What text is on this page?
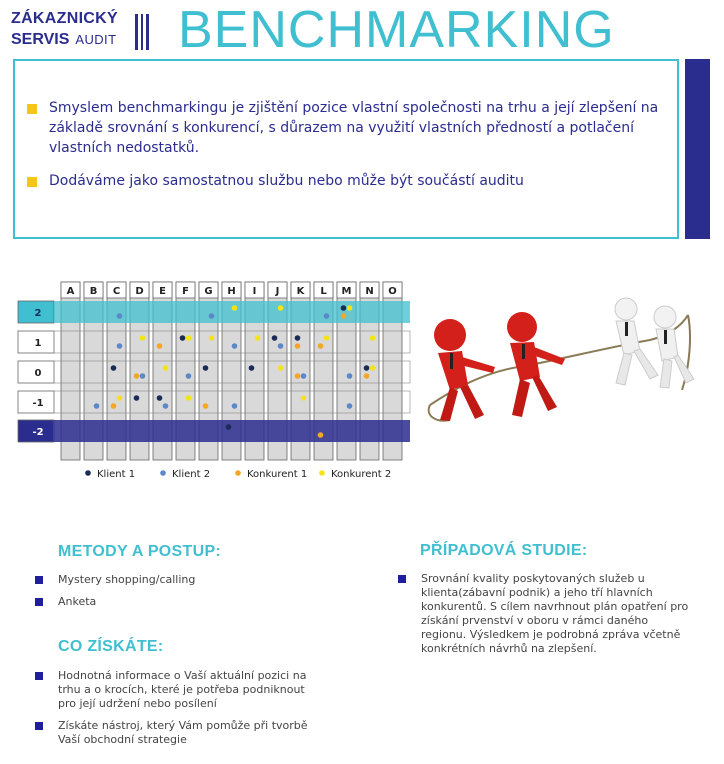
ZÁKAZNICKÝ
SERVIS AUDIT BENCHMARKING
Smyslem benchmarkingu je zjištění pozice vlastní společnosti na trhu a její zlepšení na základě srovnání s konkurencí, s důrazem na využití vlastních předností a potlačení vlastních nedostatků.
Dodáváme jako samostatnou službu nebo může být součástí auditu
A B C D E F G H I J K L M N O
2
1
0
-1
-2
Klient 1	Klient 2	Konkurent 1 Konkurent 2
METODY A POSTUP:
Mystery shopping/calling
Anketa
CO ZÍSKÁTE:
Hodnotná informace o Vaší aktuální pozici na trhu a o krocích, které je potřeba podniknout pro její udržení nebo posílení
Získáte nástroj, který Vám pomůže při tvorbě Vaší obchodní strategie
PŘÍPADOVÁ STUDIE:
Srovnání kvality poskytovaných služeb u klienta(zábavní podnik) a jeho tří hlavních konkurentů. S cílem navrhnout plán opatření pro získání prvenství v oboru v rámci daného regionu. Výsledkem je podrobná zpráva včetně konkrétních návrhů na zlepšení.
